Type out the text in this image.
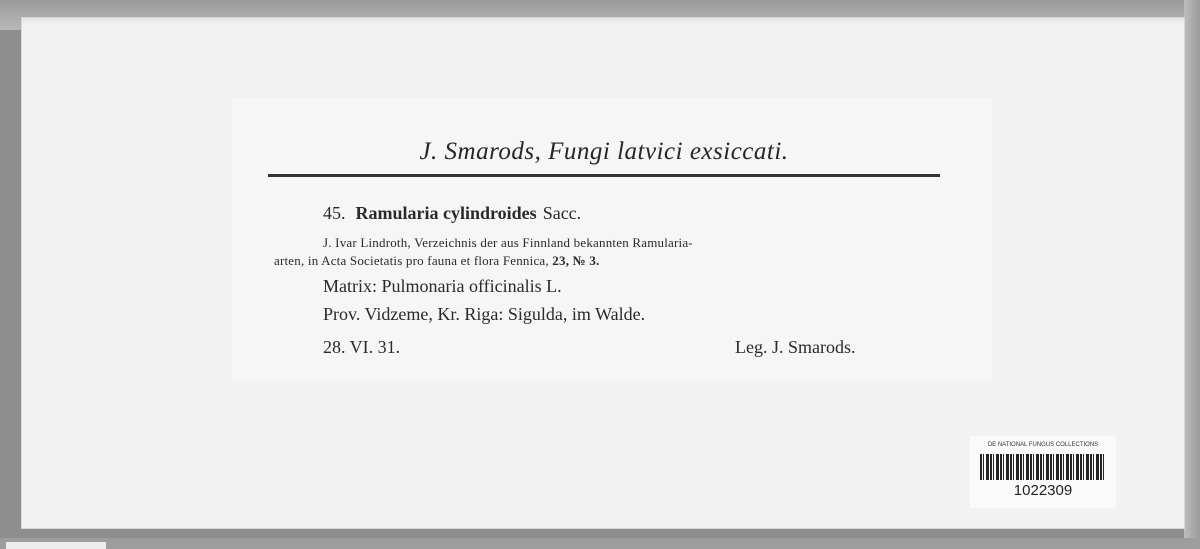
J. Smarods, Fungi latvici exsiccati.
45. Ramularia cylindroides Sacc.
J. Ivar Lindroth, Verzeichnis der aus Finnland bekannten Ramularia-
arten, in Acta Societatis pro fauna et flora Fennica, 23, № 3.
Matrix: Pulmonaria officinalis L.
Prov. Vidzeme, Kr. Riga: Sigulda, im Walde.
28. VI. 31.	Leg. J. Smarods.
DE NATIONAL FUNGUS COLLECTIONS
1022309
